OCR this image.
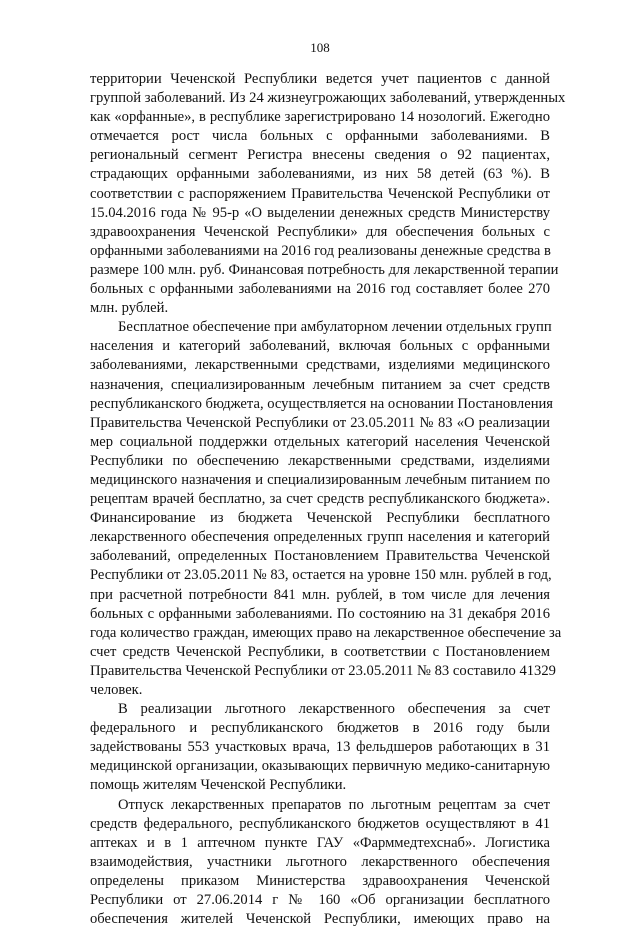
108
территории Чеченской Республики ведется учет пациентов с данной
группой заболеваний. Из 24 жизнеугрожающих заболеваний, утвержденных
как «орфанные», в республике зарегистрировано 14 нозологий. Ежегодно
отмечается рост числа больных с орфанными заболеваниями. В
региональный сегмент Регистра внесены сведения о 92 пациентах,
страдающих орфанными заболеваниями, из них 58 детей (63 %). В
соответствии с распоряжением Правительства Чеченской Республики от
15.04.2016 года № 95-р «О выделении денежных средств Министерству
здравоохранения Чеченской Республики» для обеспечения больных с
орфанными заболеваниями на 2016 год реализованы денежные средства в
размере 100 млн. руб. Финансовая потребность для лекарственной терапии
больных с орфанными заболеваниями на 2016 год составляет более 270
млн. рублей.
Бесплатное обеспечение при амбулаторном лечении отдельных групп
населения и категорий заболеваний, включая больных с орфанными
заболеваниями, лекарственными средствами, изделиями медицинского
назначения, специализированным лечебным питанием за счет средств
республиканского бюджета, осуществляется на основании Постановления
Правительства Чеченской Республики от 23.05.2011 № 83 «О реализации
мер социальной поддержки отдельных категорий населения Чеченской
Республики по обеспечению лекарственными средствами, изделиями
медицинского назначения и специализированным лечебным питанием по
рецептам врачей бесплатно, за счет средств республиканского бюджета».
Финансирование из бюджета Чеченской Республики бесплатного
лекарственного обеспечения определенных групп населения и категорий
заболеваний, определенных Постановлением Правительства Чеченской
Республики от 23.05.2011 № 83, остается на уровне 150 млн. рублей в год,
при расчетной потребности 841 млн. рублей, в том числе для лечения
больных с орфанными заболеваниями. По состоянию на 31 декабря 2016
года количество граждан, имеющих право на лекарственное обеспечение за
счет средств Чеченской Республики, в соответствии с Постановлением
Правительства Чеченской Республики от 23.05.2011 № 83 составило 41329
человек.
В реализации льготного лекарственного обеспечения за счет
федерального и республиканского бюджетов в 2016 году были
задействованы 553 участковых врача, 13 фельдшеров работающих в 31
медицинской организации, оказывающих первичную медико-санитарную
помощь жителям Чеченской Республики.
Отпуск лекарственных препаратов по льготным рецептам за счет
средств федерального, республиканского бюджетов осуществляют в 41
аптеках и в 1 аптечном пункте ГАУ «Фарммедтехснаб». Логистика
взаимодействия, участники льготного лекарственного обеспечения
определены приказом Министерства здравоохранения Чеченской
Республики от 27.06.2014 г № 160 «Об организации бесплатного
обеспечения жителей Чеченской Республики, имеющих право на
